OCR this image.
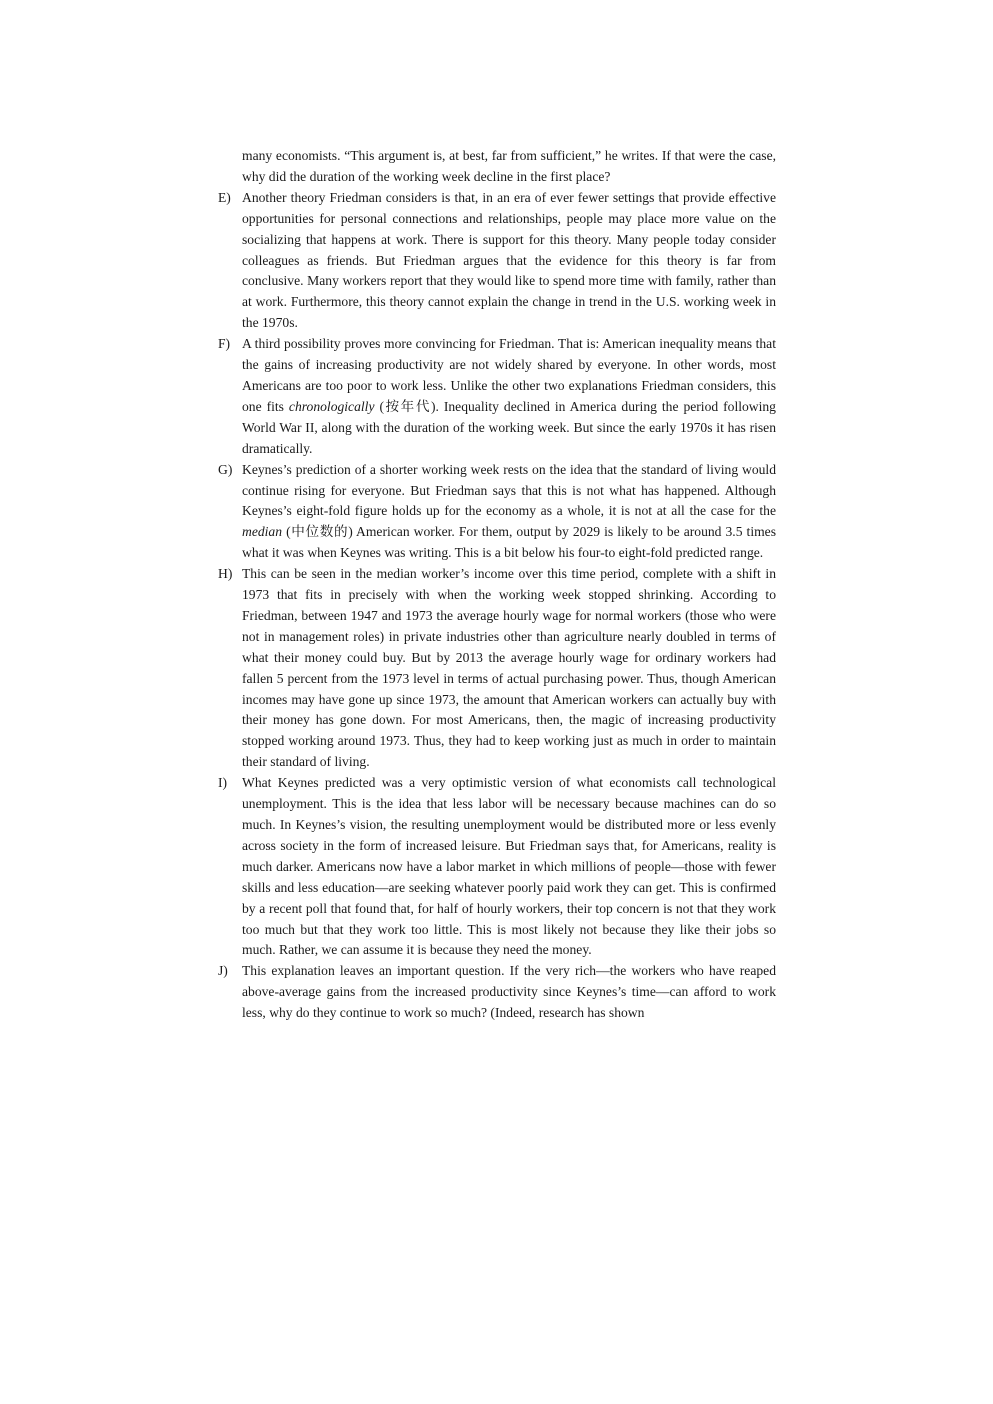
many economists. “This argument is, at best, far from sufficient,” he writes. If that were the case, why did the duration of the working week decline in the first place?
E) Another theory Friedman considers is that, in an era of ever fewer settings that provide effective opportunities for personal connections and relationships, people may place more value on the socializing that happens at work. There is support for this theory. Many people today consider colleagues as friends. But Friedman argues that the evidence for this theory is far from conclusive. Many workers report that they would like to spend more time with family, rather than at work. Furthermore, this theory cannot explain the change in trend in the U.S. working week in the 1970s.
F) A third possibility proves more convincing for Friedman. That is: American inequality means that the gains of increasing productivity are not widely shared by everyone. In other words, most Americans are too poor to work less. Unlike the other two explanations Friedman considers, this one fits chronologically (按年代). Inequality declined in America during the period following World War II, along with the duration of the working week. But since the early 1970s it has risen dramatically.
G) Keynes’s prediction of a shorter working week rests on the idea that the standard of living would continue rising for everyone. But Friedman says that this is not what has happened. Although Keynes’s eight-fold figure holds up for the economy as a whole, it is not at all the case for the median (中位数的) American worker. For them, output by 2029 is likely to be around 3.5 times what it was when Keynes was writing. This is a bit below his four-to eight-fold predicted range.
H) This can be seen in the median worker’s income over this time period, complete with a shift in 1973 that fits in precisely with when the working week stopped shrinking. According to Friedman, between 1947 and 1973 the average hourly wage for normal workers (those who were not in management roles) in private industries other than agriculture nearly doubled in terms of what their money could buy. But by 2013 the average hourly wage for ordinary workers had fallen 5 percent from the 1973 level in terms of actual purchasing power. Thus, though American incomes may have gone up since 1973, the amount that American workers can actually buy with their money has gone down. For most Americans, then, the magic of increasing productivity stopped working around 1973. Thus, they had to keep working just as much in order to maintain their standard of living.
I)	What Keynes predicted was a very optimistic version of what economists call technological unemployment. This is the idea that less labor will be necessary because machines can do so much. In Keynes’s vision, the resulting unemployment would be distributed more or less evenly across society in the form of increased leisure. But Friedman says that, for Americans, reality is much darker. Americans now have a labor market in which millions of people—those with fewer skills and less education—are seeking whatever poorly paid work they can get. This is confirmed by a recent poll that found that, for half of hourly workers, their top concern is not that they work too much but that they work too little. This is most likely not because they like their jobs so much. Rather, we can assume it is because they need the money.
J)	This explanation leaves an important question. If the very rich—the workers who have reaped above-average gains from the increased productivity since Keynes’s time—can afford to work less, why do they continue to work so much? (Indeed, research has shown
